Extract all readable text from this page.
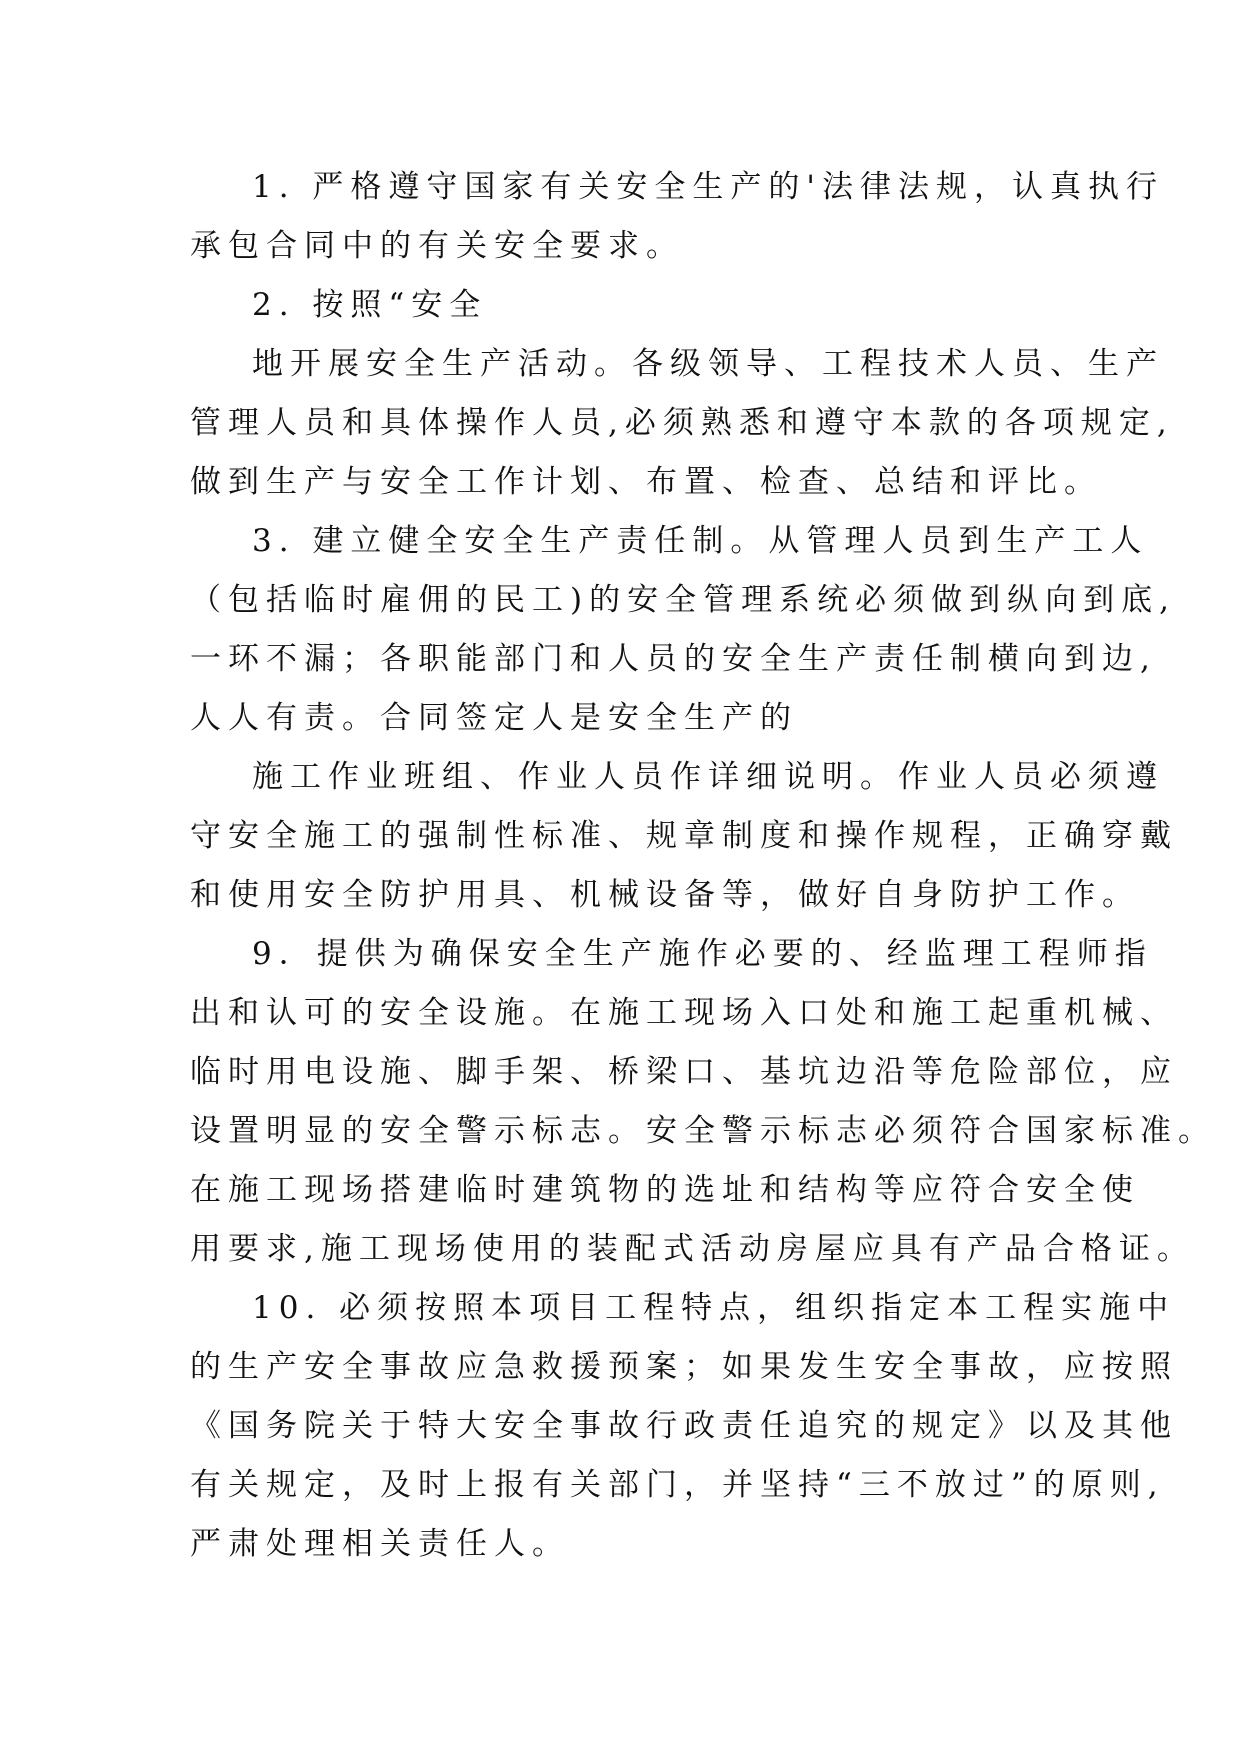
1. 严格遵守国家有关安全生产的'法律法规，认真执行
承包合同中的有关安全要求。
2. 按照“安全
地开展安全生产活动。各级领导、工程技术人员、生产
管理人员和具体操作人员,必须熟悉和遵守本款的各项规定,
做到生产与安全工作计划、布置、检查、总结和评比。
3. 建立健全安全生产责任制。从管理人员到生产工人
（包括临时雇佣的民工)的安全管理系统必须做到纵向到底,
一环不漏；各职能部门和人员的安全生产责任制横向到边,
人人有责。合同签定人是安全生产的
施工作业班组、作业人员作详细说明。作业人员必须遵
守安全施工的强制性标准、规章制度和操作规程，正确穿戴
和使用安全防护用具、机械设备等，做好自身防护工作。
9．提供为确保安全生产施作必要的、经监理工程师指
出和认可的安全设施。在施工现场入口处和施工起重机械、
临时用电设施、脚手架、桥梁口、基坑边沿等危险部位，应
设置明显的安全警示标志。安全警示标志必须符合国家标准。
在施工现场搭建临时建筑物的选址和结构等应符合安全使
用要求,施工现场使用的装配式活动房屋应具有产品合格证。
10. 必须按照本项目工程特点，组织指定本工程实施中
的生产安全事故应急救援预案；如果发生安全事故，应按照
《国务院关于特大安全事故行政责任追究的规定》以及其他
有关规定，及时上报有关部门，并坚持“三不放过”的原则,
严肃处理相关责任人。
